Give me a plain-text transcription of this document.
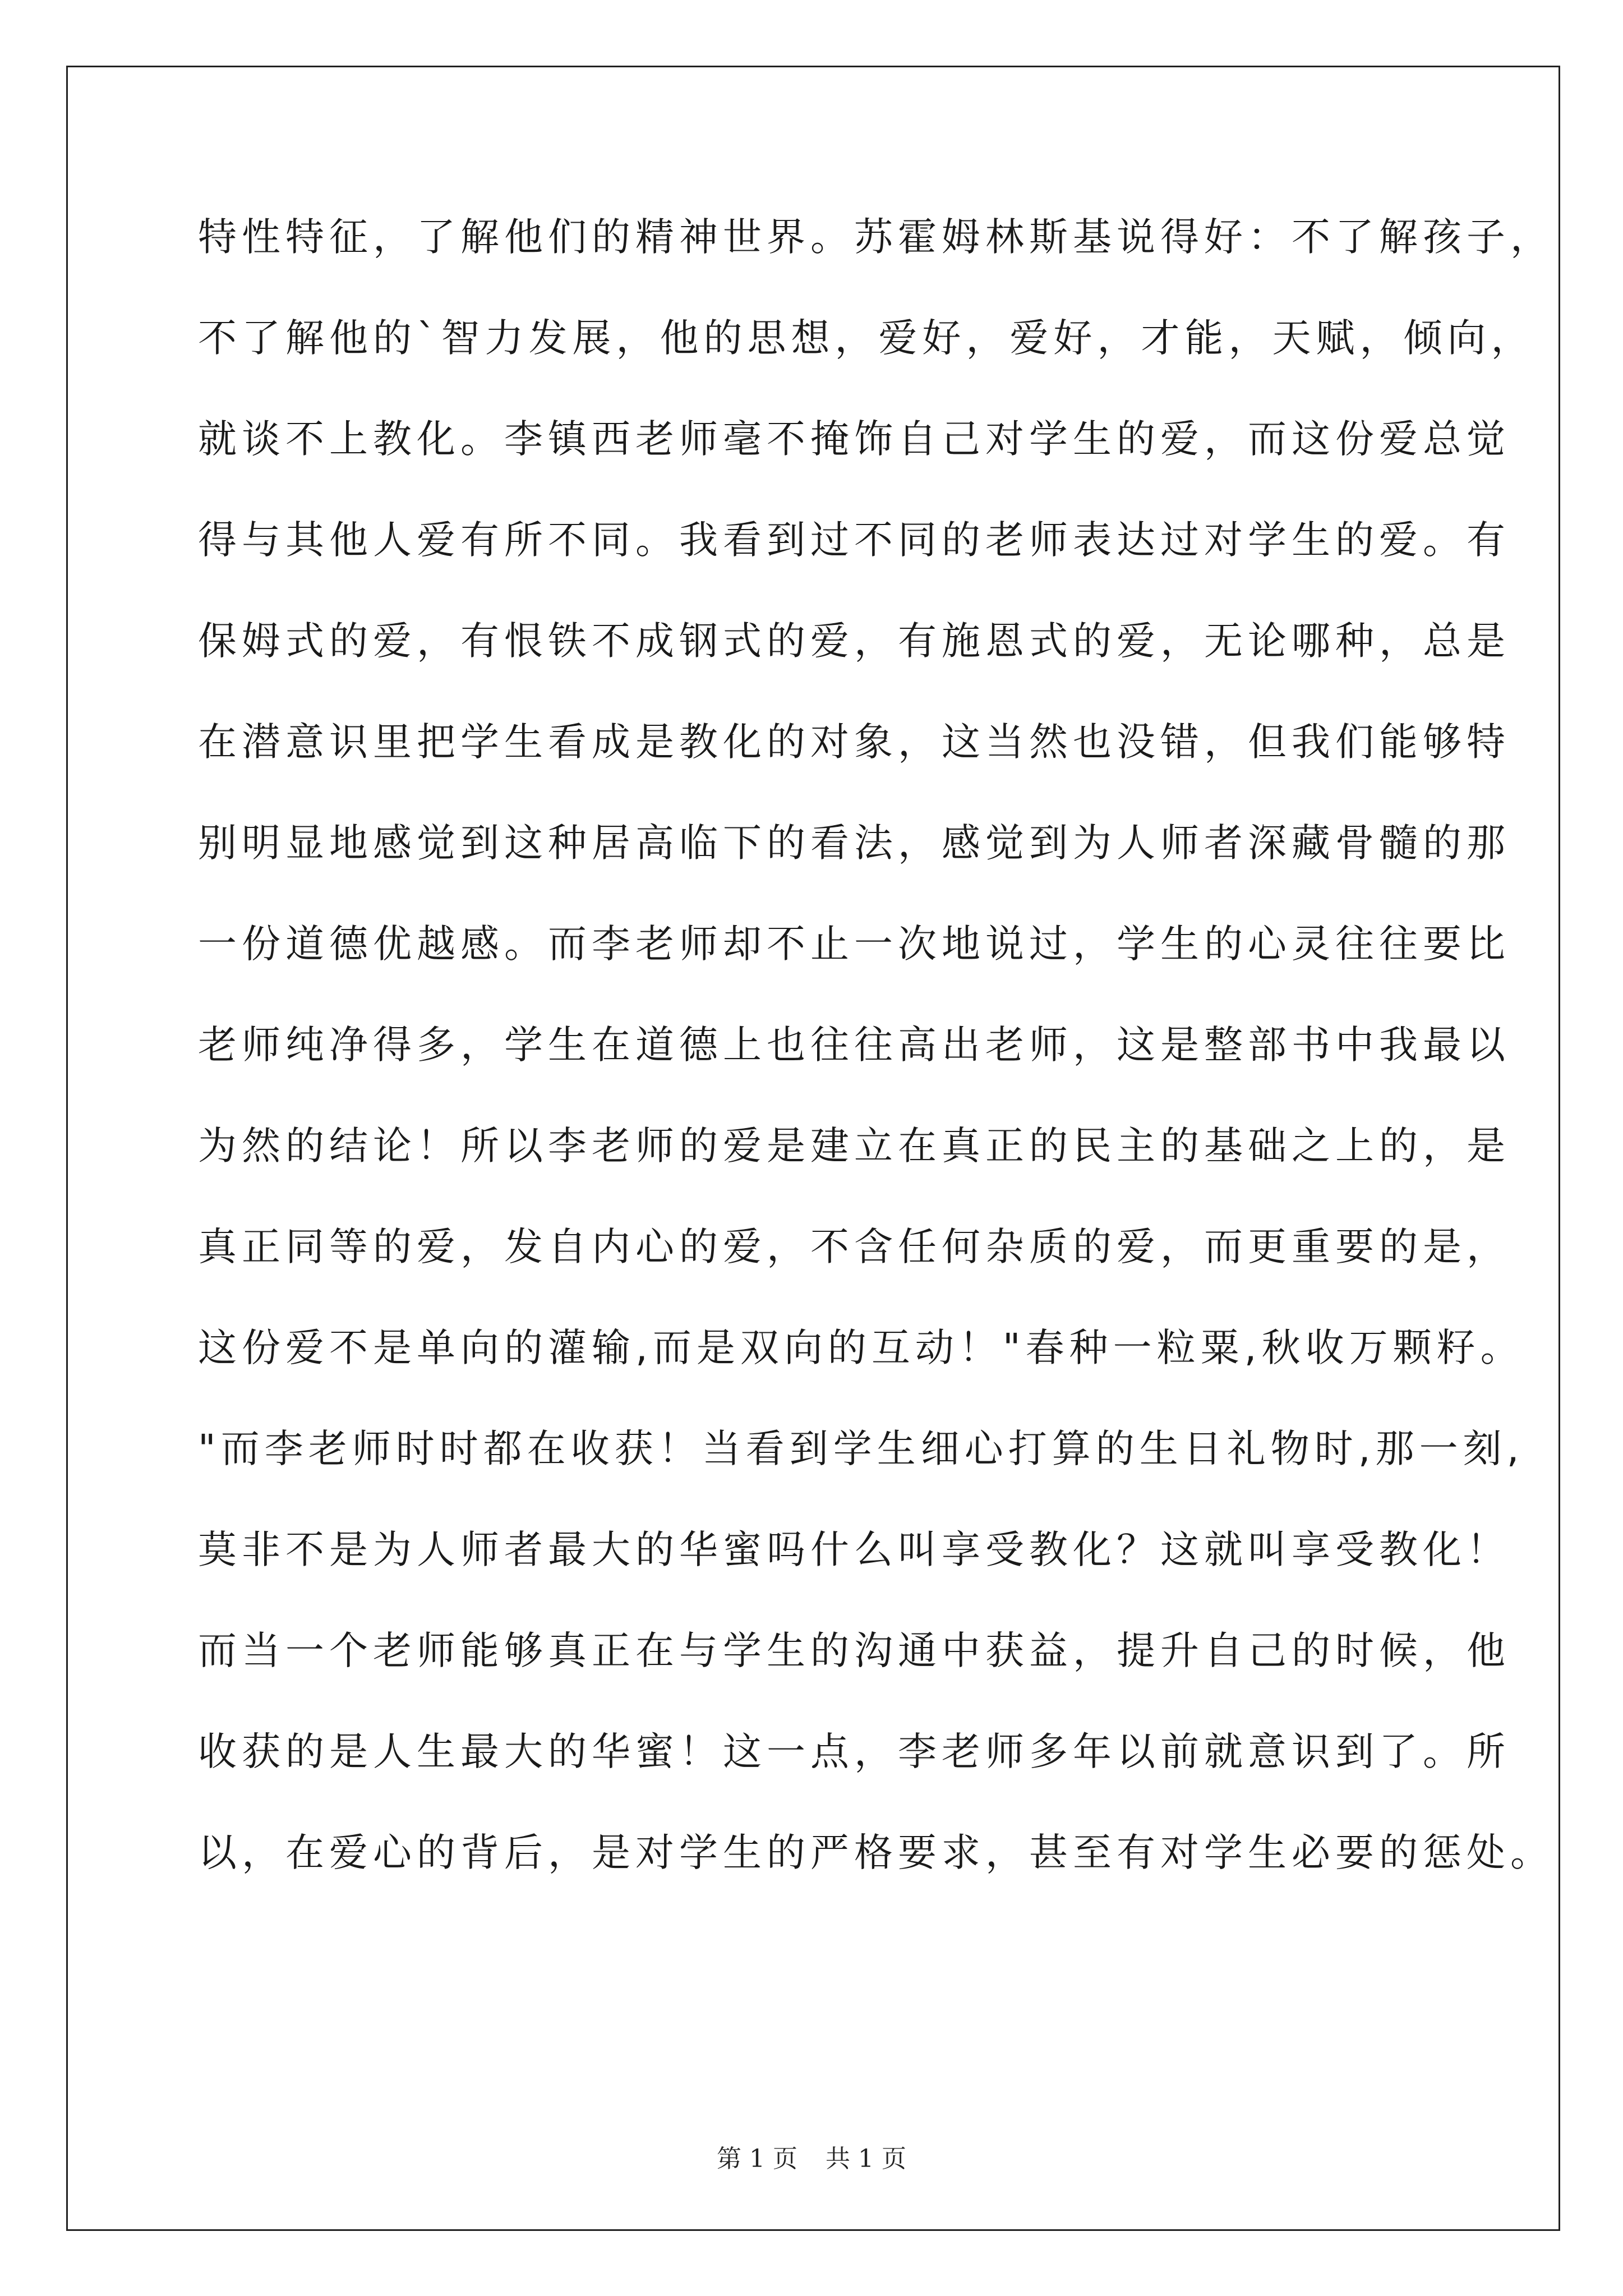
特性特征，了解他们的精神世界。苏霍姆林斯基说得好：不了解孩子，
不了解他的`智力发展，他的思想，爱好，爱好，才能，天赋，倾向，
就谈不上教化。李镇西老师毫不掩饰自己对学生的爱，而这份爱总觉
得与其他人爱有所不同。我看到过不同的老师表达过对学生的爱。有
保姆式的爱，有恨铁不成钢式的爱，有施恩式的爱，无论哪种，总是
在潜意识里把学生看成是教化的对象，这当然也没错，但我们能够特
别明显地感觉到这种居高临下的看法，感觉到为人师者深藏骨髓的那
一份道德优越感。而李老师却不止一次地说过，学生的心灵往往要比
老师纯净得多，学生在道德上也往往高出老师，这是整部书中我最以
为然的结论！所以李老师的爱是建立在真正的民主的基础之上的，是
真正同等的爱，发自内心的爱，不含任何杂质的爱，而更重要的是，
这份爱不是单向的灌输,而是双向的互动！"春种一粒粟,秋收万颗籽。
"而李老师时时都在收获！当看到学生细心打算的生日礼物时,那一刻,
莫非不是为人师者最大的华蜜吗什么叫享受教化？这就叫享受教化！
而当一个老师能够真正在与学生的沟通中获益，提升自己的时候，他
收获的是人生最大的华蜜！这一点，李老师多年以前就意识到了。所
以，在爱心的背后，是对学生的严格要求，甚至有对学生必要的惩处。
第 1 页 共 1 页
